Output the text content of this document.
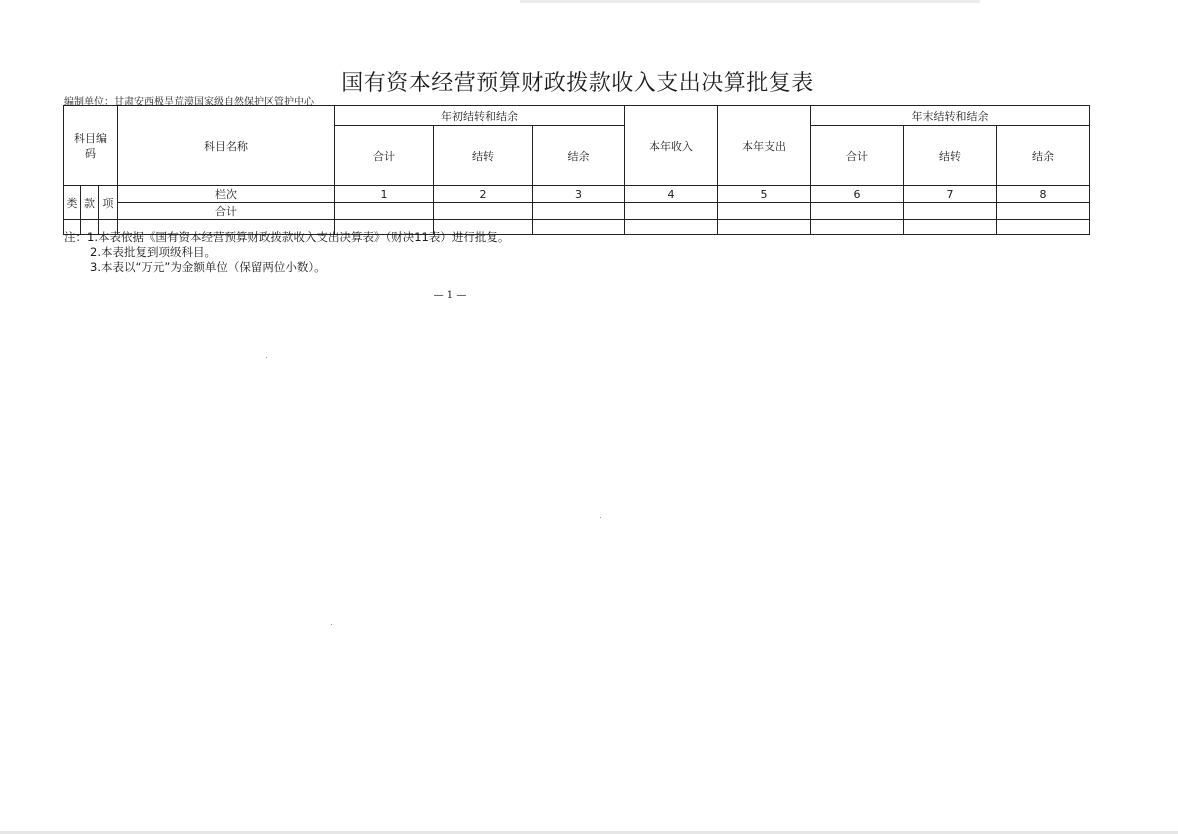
国有资本经营预算财政拨款收入支出决算批复表
编制单位：甘肃安西极旱荒漠国家级自然保护区管护中心
科目编码			科目名称	年初结转和结余			本年收入	本年支出	年末结转和结余		
				合计	结转	结余			合计	结转	结余
类	款	项	栏次	1	2	3	4	5	6	7	8
			合计								

注：1.本表依据《国有资本经营预算财政拨款收入支出决算表》（财决11表）进行批复。
2.本表批复到项级科目。
3.本表以“万元”为金额单位（保留两位小数）。
— 1 —
